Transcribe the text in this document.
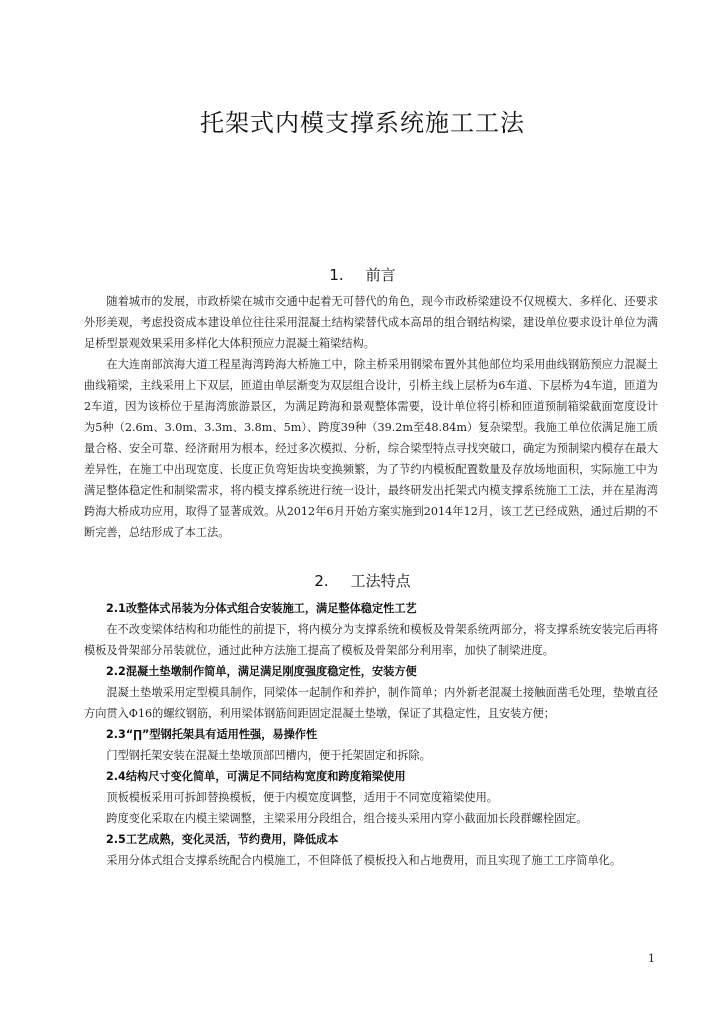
托架式内模支撑系统施工工法
1. 前言

随着城市的发展，市政桥梁在城市交通中起着无可替代的角色，现今市政桥梁建设不仅规模大、多样化、还要求外形美观，考虑投资成本建设单位往往采用混凝土结构梁替代成本高昂的组合钢结构梁，建设单位要求设计单位为满足桥型景观效果采用多样化大体积预应力混凝土箱梁结构。

在大连南部滨海大道工程星海湾跨海大桥施工中，除主桥采用钢梁布置外其他部位均采用曲线钢筋预应力混凝土曲线箱梁，主线采用上下双层，匝道由单层渐变为双层组合设计，引桥主线上层桥为6车道、下层桥为4车道，匝道为2车道，因为该桥位于星海湾旅游景区，为满足跨海和景观整体需要，设计单位将引桥和匝道预制箱梁截面宽度设计为5种（2.6m、3.0m、3.3m、3.8m、5m）、跨度39种（39.2m至48.84m）复杂梁型。我施工单位依满足施工质量合格、安全可靠、经济耐用为根本，经过多次模拟、分析，综合梁型特点寻找突破口，确定为预制梁内模存在最大差异性，在施工中出现宽度、长度正负弯矩齿块变换频繁，为了节约内模板配置数量及存放场地面积，实际施工中为满足整体稳定性和制梁需求，将内模支撑系统进行统一设计，最终研发出托架式内模支撑系统施工工法，并在星海湾跨海大桥成功应用，取得了显著成效。从2012年6月开始方案实施到2014年12月，该工艺已经成熟，通过后期的不断完善，总结形成了本工法。

2. 工法特点

2.1改整体式吊装为分体式组合安装施工，满足整体稳定性工艺

在不改变梁体结构和功能性的前提下，将内模分为支撑系统和模板及骨架系统两部分，将支撑系统安装完后再将模板及骨架部分吊装就位，通过此种方法施工提高了模板及骨架部分利用率，加快了制梁进度。

2.2混凝土垫墩制作简单，满足满足刚度强度稳定性，安装方便

混凝土垫墩采用定型模具制作，同梁体一起制作和养护，制作简单；内外新老混凝土接触面凿毛处理，垫墩直径方向贯入Φ16的螺纹钢筋，利用梁体钢筋间距固定混凝土垫墩，保证了其稳定性，且安装方便；

2.3“∏”型钢托架具有适用性强，易操作性

门型钢托架安装在混凝土垫墩顶部凹槽内，便于托架固定和拆除。

2.4结构尺寸变化简单，可满足不同结构宽度和跨度箱梁使用

顶板模板采用可拆卸替换模板，便于内模宽度调整，适用于不同宽度箱梁使用。

跨度变化采取在内模主梁调整，主梁采用分段组合，组合接头采用内穿小截面加长段群螺栓固定。

2.5工艺成熟，变化灵活，节约费用，降低成本

采用分体式组合支撑系统配合内模施工，不但降低了模板投入和占地费用，而且实现了施工工序简单化。

1
